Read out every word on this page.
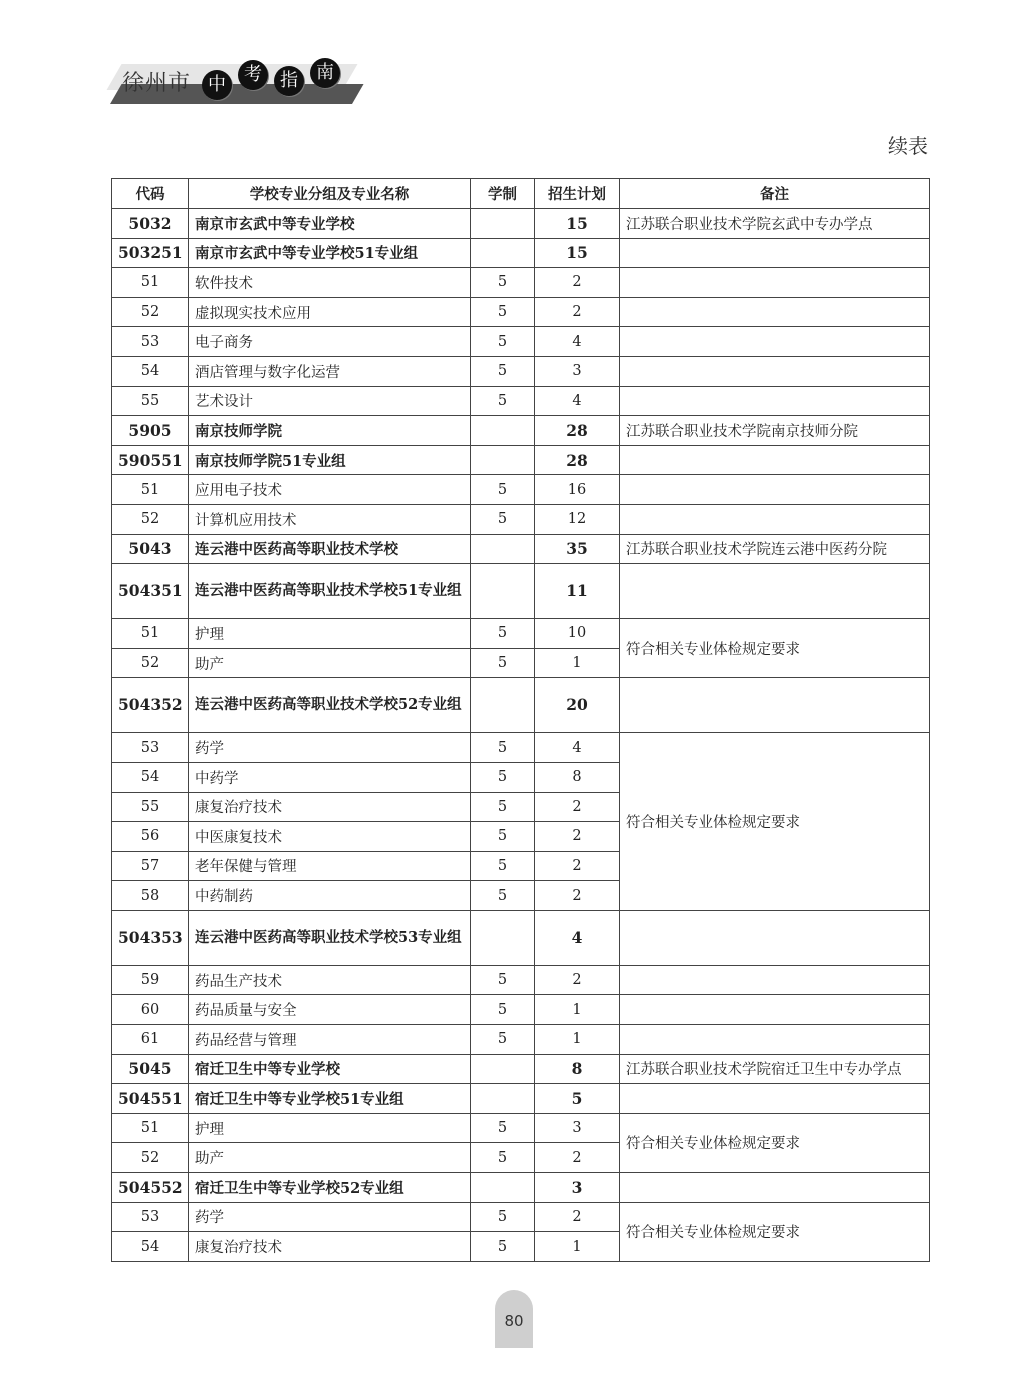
徐州市 中	考	指	南
续表
代码	学校专业分组及专业名称	学制	招生计划	备注
5032	南京市玄武中等专业学校		15	江苏联合职业技术学院玄武中专办学点
503251	南京市玄武中等专业学校51专业组		15	
51	软件技术	5	2	
52	虚拟现实技术应用	5	2	
53	电子商务	5	4	
54	酒店管理与数字化运营	5	3	
55	艺术设计	5	4	
5905	南京技师学院		28	江苏联合职业技术学院南京技师分院
590551	南京技师学院51专业组		28	
51	应用电子技术	5	16	
52	计算机应用技术	5	12	
5043	连云港中医药高等职业技术学校		35	江苏联合职业技术学院连云港中医药分院
504351	连云港中医药高等职业技术学校51专业组		11	
51	护理	5	10	符合相关专业体检规定要求
52	助产	5	1	
504352	连云港中医药高等职业技术学校52专业组		20	
53	药学	5	4	符合相关专业体检规定要求
54	中药学	5	8	
55	康复治疗技术	5	2	
56	中医康复技术	5	2	
57	老年保健与管理	5	2	
58	中药制药	5	2	
504353	连云港中医药高等职业技术学校53专业组		4	
59	药品生产技术	5	2	
60	药品质量与安全	5	1	
61	药品经营与管理	5	1	
5045	宿迁卫生中等专业学校		8	江苏联合职业技术学院宿迁卫生中专办学点
504551	宿迁卫生中等专业学校51专业组		5	
51	护理	5	3	符合相关专业体检规定要求
52	助产	5	2	
504552	宿迁卫生中等专业学校52专业组		3	
53	药学	5	2	符合相关专业体检规定要求
54	康复治疗技术	5	1	
80
